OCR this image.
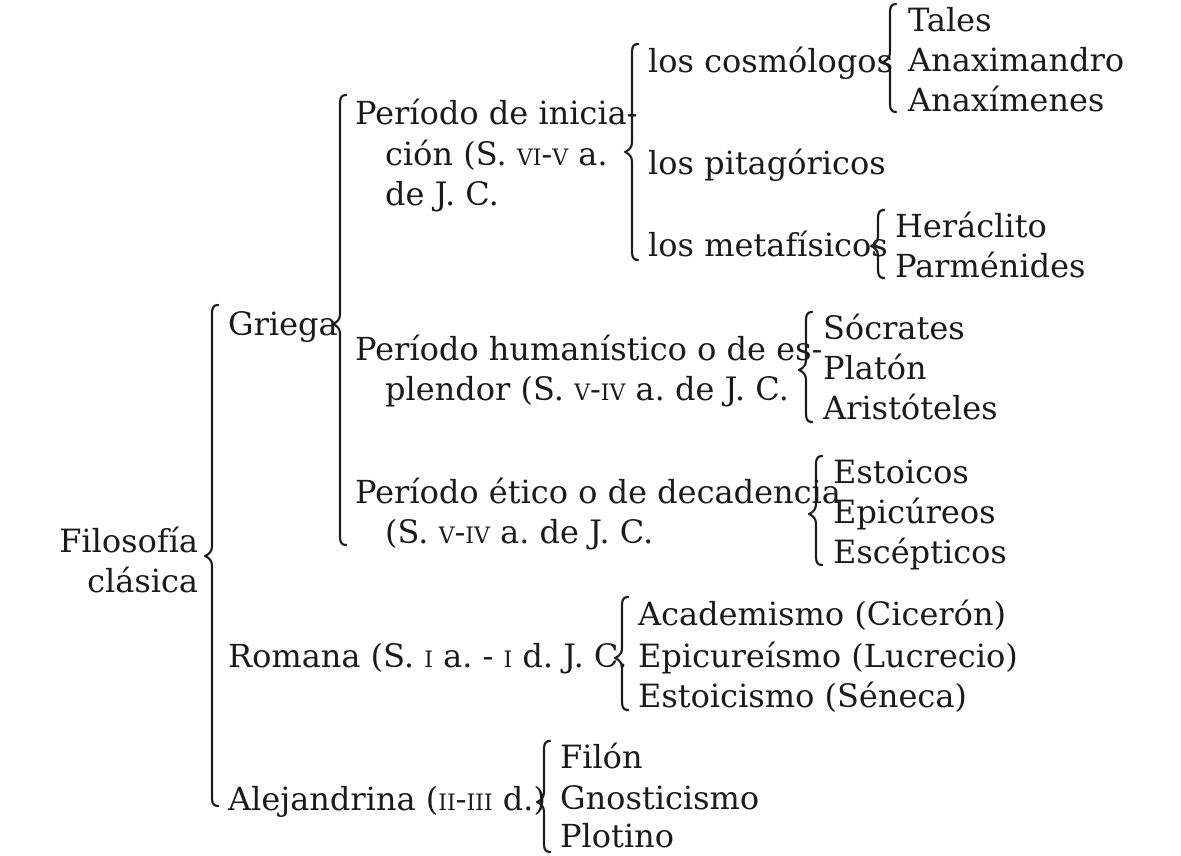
Filosofía

clásica

Griega

Período de inicia-

ción (S. vi-v a.

de J. C.

los cosmólogos

Tales

Anaximandro

Anaxímenes

los pitagóricos

los metafísicos Heráclito

Parménides

Período humanístico o de es-

plendor (S. v-iv a. de J. C.

Sócrates

Platón

Aristóteles

Período ético o de decadencia

(S. v-iv a. de J. C.

Estoicos

Epicúreos

Escépticos

Romana (S. i a. - i d. J. C.

Academismo (Cicerón)

Epicureísmo (Lucrecio)

Estoicismo (Séneca)

Alejandrina (ii-iii d.)

Filón

Gnosticismo

Plotino
